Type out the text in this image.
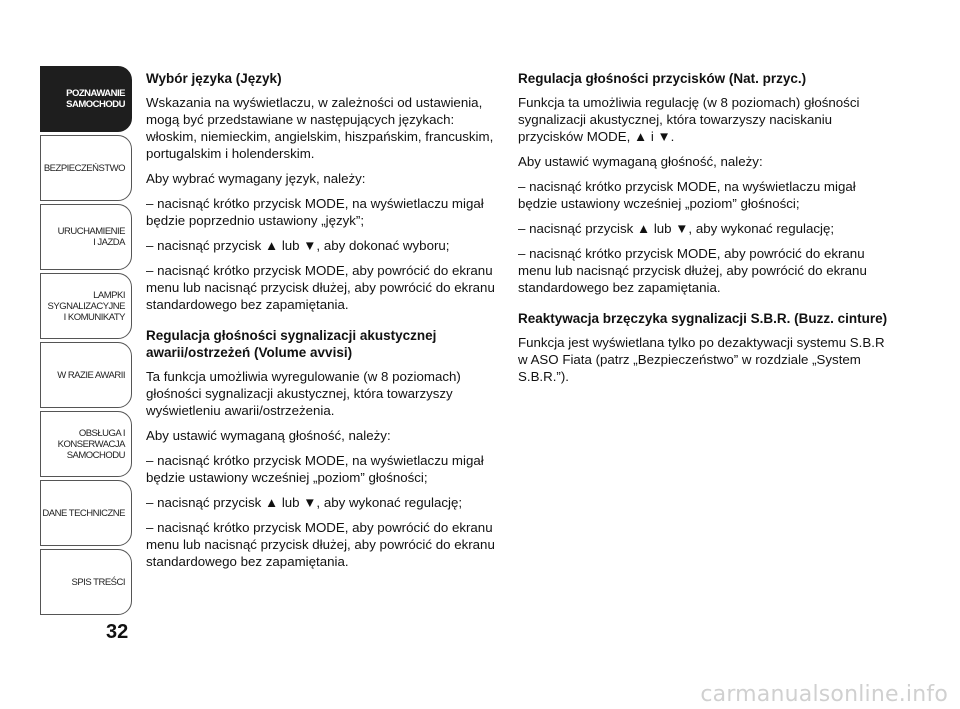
POZNAWANIE
SAMOCHODU
BEZPIECZEŃSTWO
URUCHAMIENIE
I JAZDA
LAMPKI
SYGNALIZACYJNE
I KOMUNIKATY
W RAZIE AWARII
OBSŁUGA I
KONSERWACJA
SAMOCHODU
DANE TECHNICZNE
SPIS TREŚCI
32
Wybór języka (Język)

Wskazania na wyświetlaczu, w zależności od ustawienia, mogą być przedstawiane w następujących językach: włoskim, niemieckim, angielskim, hiszpańskim, francuskim, portugalskim i holenderskim.

Aby wybrać wymagany język, należy:

– nacisnąć krótko przycisk MODE, na wyświetlaczu migał będzie poprzednio ustawiony „język”;

– nacisnąć przycisk ▲ lub ▼, aby dokonać wyboru;

– nacisnąć krótko przycisk MODE, aby powrócić do ekranu menu lub nacisnąć przycisk dłużej, aby powrócić do ekranu standardowego bez zapamiętania.

Regulacja głośności sygnalizacji akustycznej awarii/ostrzeżeń (Volume avvisi)

Ta funkcja umożliwia wyregulowanie (w 8 poziomach) głośności sygnalizacji akustycznej, która towarzyszy wyświetleniu awarii/ostrzeżenia.

Aby ustawić wymaganą głośność, należy:

– nacisnąć krótko przycisk MODE, na wyświetlaczu migał będzie ustawiony wcześniej „poziom” głośności;

– nacisnąć przycisk ▲ lub ▼, aby wykonać regulację;

– nacisnąć krótko przycisk MODE, aby powrócić do ekranu menu lub nacisnąć przycisk dłużej, aby powrócić do ekranu standardowego bez zapamiętania.

Regulacja głośności przycisków (Nat. przyc.)

Funkcja ta umożliwia regulację (w 8 poziomach) głośności sygnalizacji akustycznej, która towarzyszy naciskaniu przycisków MODE, ▲ i ▼.

Aby ustawić wymaganą głośność, należy:

– nacisnąć krótko przycisk MODE, na wyświetlaczu migał będzie ustawiony wcześniej „poziom” głośności;

– nacisnąć przycisk ▲ lub ▼, aby wykonać regulację;

– nacisnąć krótko przycisk MODE, aby powrócić do ekranu menu lub nacisnąć przycisk dłużej, aby powrócić do ekranu standardowego bez zapamiętania.

Reaktywacja brzęczyka sygnalizacji S.B.R. (Buzz. cinture)

Funkcja jest wyświetlana tylko po dezaktywacji systemu S.B.R w ASO Fiata (patrz „Bezpieczeństwo” w rozdziale „System S.B.R.”).

carmanualsonline.info
